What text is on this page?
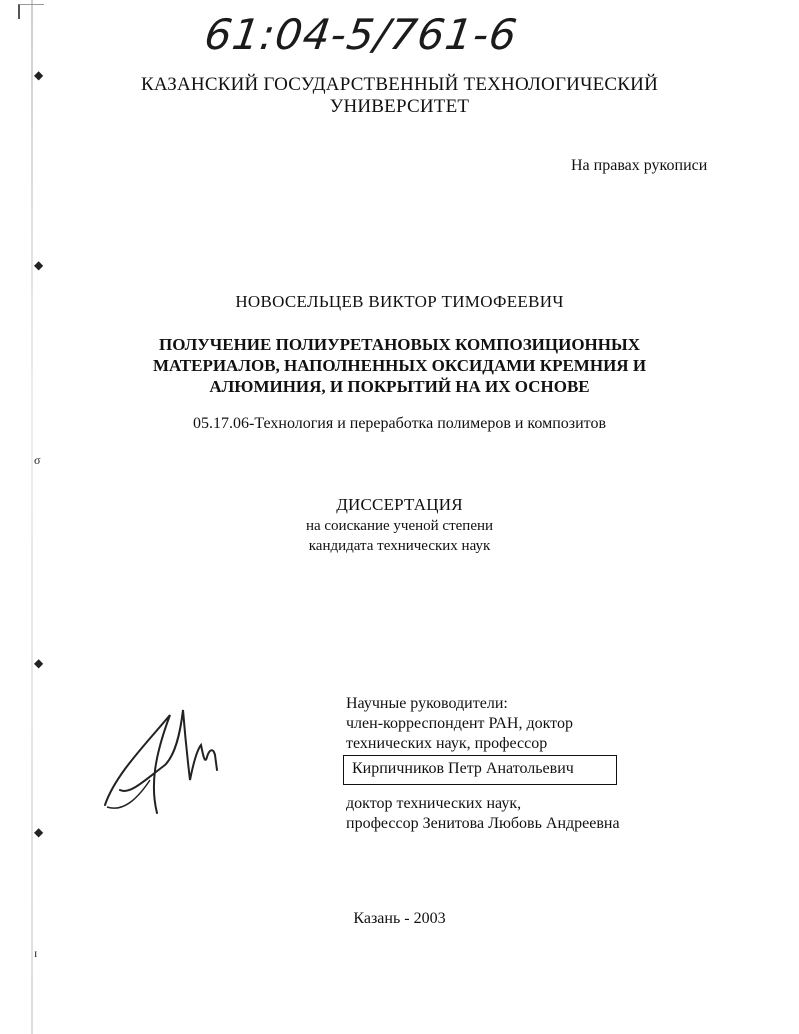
◆
◆
σ
◆
◆
ɪ
61:04-5/761-6
КАЗАНСКИЙ ГОСУДАРСТВЕННЫЙ ТЕХНОЛОГИЧЕСКИЙ
УНИВЕРСИТЕТ
На правах рукописи
НОВОСЕЛЬЦЕВ ВИКТОР ТИМОФЕЕВИЧ
ПОЛУЧЕНИЕ ПОЛИУРЕТАНОВЫХ КОМПОЗИЦИОННЫХ
МАТЕРИАЛОВ, НАПОЛНЕННЫХ ОКСИДАМИ КРЕМНИЯ И
АЛЮМИНИЯ, И ПОКРЫТИЙ НА ИХ ОСНОВЕ
05.17.06-Технология и переработка полимеров и композитов
ДИССЕРТАЦИЯ
на соискание ученой степени
кандидата технических наук
Научные руководители:
член-корреспондент РАН, доктор
технических наук, профессор
Кирпичников Петр Анатольевич
доктор технических наук,
профессор Зенитова Любовь Андреевна
Казань - 2003
